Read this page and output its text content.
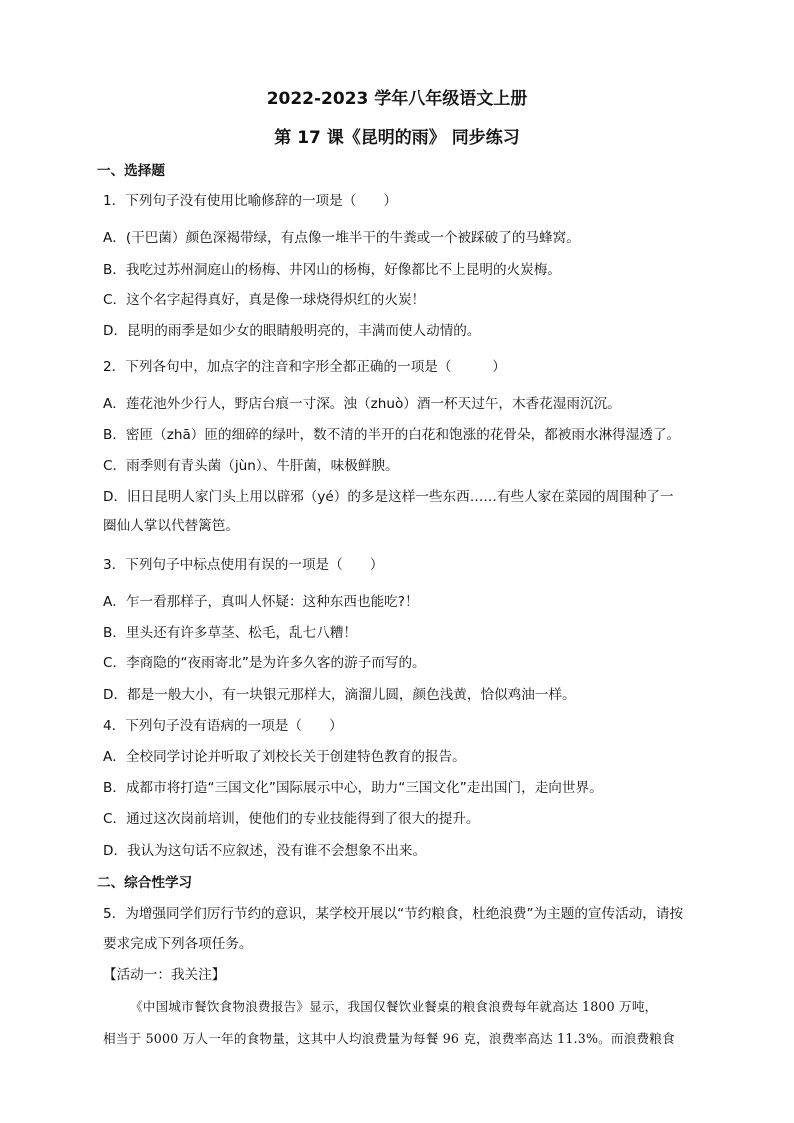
2022-2023 学年八年级语文上册
第 17 课《昆明的雨》 同步练习
一、选择题
1．下列句子没有使用比喻修辞的一项是（　　）
A．(干巴菌）颜色深褐带绿，有点像一堆半干的牛粪或一个被踩破了的马蜂窝。
B．我吃过苏州洞庭山的杨梅、井冈山的杨梅，好像都比不上昆明的火炭梅。
C．这个名字起得真好，真是像一球烧得炽红的火炭！
D．昆明的雨季是如少女的眼睛般明亮的，丰满而使人动情的。
2．下列各句中，加点字的注音和字形全都正确的一项是（　　　）
A．莲花池外少行人，野店台痕一寸深。浊（zhuò）酒一杯天过午，木香花湿雨沉沉。
B．密匝（zhā）匝的细碎的绿叶，数不清的半开的白花和饱涨的花骨朵，都被雨水淋得湿透了。
C．雨季则有青头菌（jùn）、牛肝菌，味极鲜腴。
D．旧日昆明人家门头上用以辟邪（yé）的多是这样一些东西……有些人家在菜园的周围种了一
圈仙人掌以代替篱笆。
3．下列句子中标点使用有误的一项是（　　）
A．乍一看那样子，真叫人怀疑：这种东西也能吃?！
B．里头还有许多草茎、松毛，乱七八糟！
C．李商隐的“夜雨寄北”是为许多久客的游子而写的。
D．都是一般大小，有一块银元那样大，滴溜儿圆，颜色浅黄，恰似鸡油一样。
4．下列句子没有语病的一项是（　　）
A．全校同学讨论并听取了刘校长关于创建特色教育的报告。
B．成都市将打造“三国文化”国际展示中心，助力“三国文化”走出国门，走向世界。
C．通过这次岗前培训，使他们的专业技能得到了很大的提升。
D．我认为这句话不应叙述，没有谁不会想象不出来。
二、综合性学习
5．为增强同学们厉行节约的意识，某学校开展以“节约粮食，杜绝浪费”为主题的宣传活动，请按
要求完成下列各项任务。
【活动一：我关注】
《中国城市餐饮食物浪费报告》显示，我国仅餐饮业餐桌的粮食浪费每年就高达 1800 万吨，
相当于 5000 万人一年的食物量，这其中人均浪费量为每餐 96 克，浪费率高达 11.3%。而浪费粮食
